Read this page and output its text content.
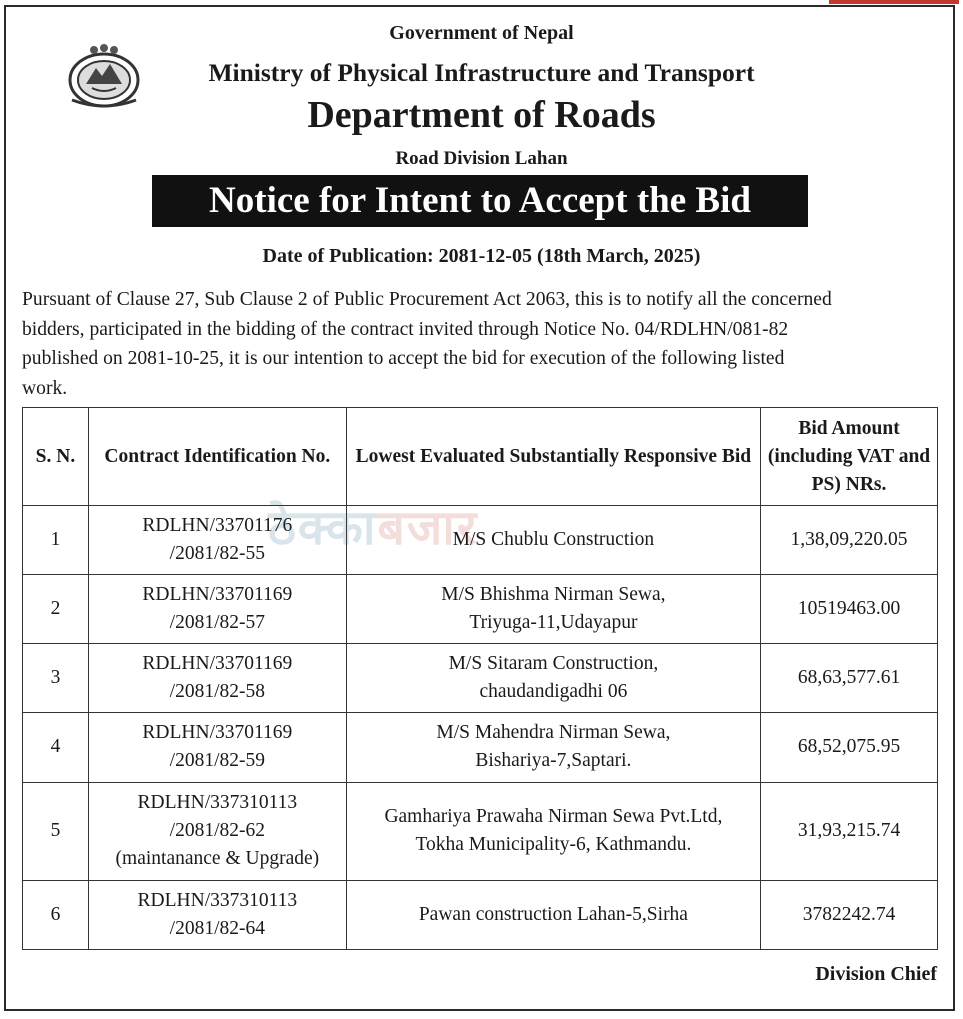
Government of Nepal
Ministry of Physical Infrastructure and Transport
Department of Roads
Road Division Lahan
Notice for Intent to Accept the Bid
Date of Publication: 2081-12-05 (18th March, 2025)
Pursuant of Clause 27, Sub Clause 2 of Public Procurement Act 2063, this is to notify all the concerned
bidders, participated in the bidding of the contract invited through Notice No. 04/RDLHN/081-82
published on 2081-10-25, it is our intention to accept the bid for execution of the following listed
work.
S. N.	Contract Identification No.	Lowest Evaluated Substantially Responsive Bid	Bid Amount (including VAT and PS) NRs.
1	RDLHN/33701176
/2081/82-55	M/S Chublu Construction	1,38,09,220.05
2	RDLHN/33701169
/2081/82-57	M/S Bhishma Nirman Sewa,
Triyuga-11,Udayapur	10519463.00
3	RDLHN/33701169
/2081/82-58	M/S Sitaram Construction,
chaudandigadhi 06	68,63,577.61
4	RDLHN/33701169
/2081/82-59	M/S Mahendra Nirman Sewa,
Bishariya-7,Saptari.	68,52,075.95
5	RDLHN/337310113
/2081/82-62
(maintanance & Upgrade)	Gamhariya Prawaha Nirman Sewa Pvt.Ltd,
Tokha Municipality-6, Kathmandu.	31,93,215.74
6	RDLHN/337310113
/2081/82-64	Pawan construction Lahan-5,Sirha	3782242.74
ठेक्काबजार
Division Chief
